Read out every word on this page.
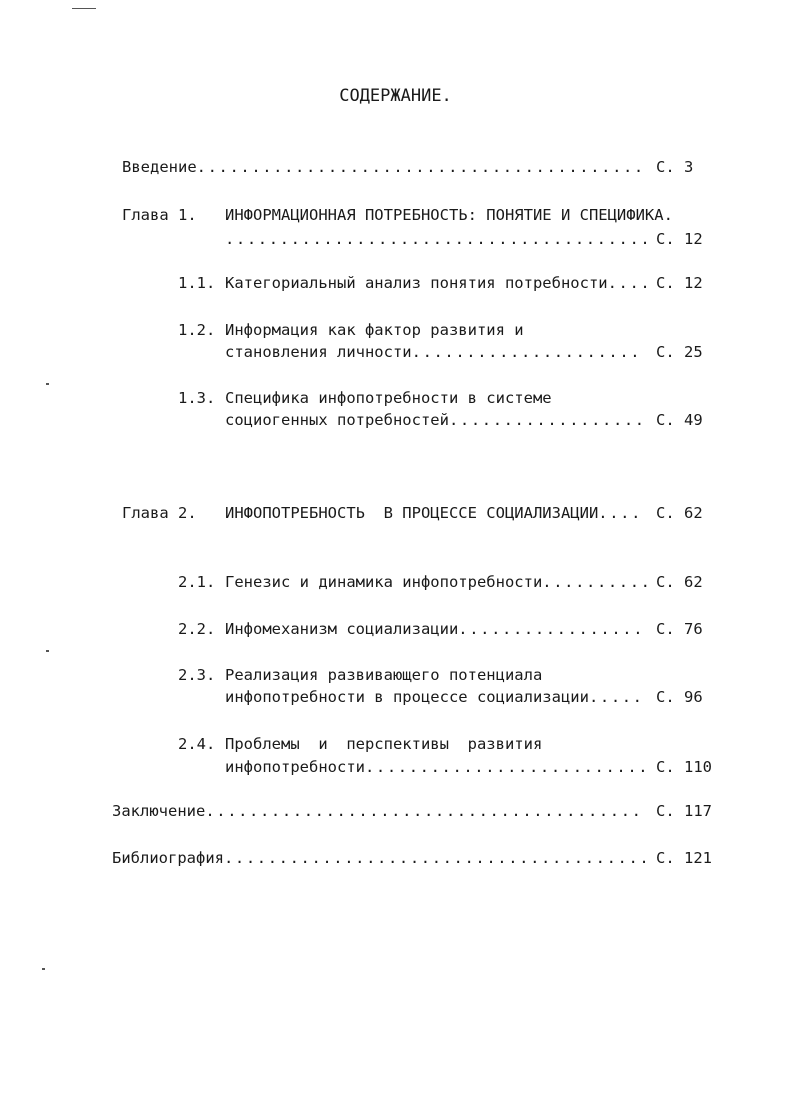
СОДЕРЖАНИЕ.
Введение......................................... С. 3
Глава 1. ИНФОРМАЦИОННАЯ ПОТРЕБНОСТЬ: ПОНЯТИЕ И СПЕЦИФИКА.
....................................... С. 12
1.1. Категориальный анализ понятия потребности.... С. 12
1.2. Информация как фактор развития и
становления личности..................... С. 25
1.3. Специфика инфопотребности в системе
социогенных потребностей.................. С. 49
Глава 2. ИНФОПОТРЕБНОСТЬ  В ПРОЦЕССЕ СОЦИАЛИЗАЦИИ.... С. 62
2.1. Генезис и динамика инфопотребности.......... С. 62
2.2. Инфомеханизм социализации................. С. 76
2.3. Реализация развивающего потенциала
инфопотребности в процессе социализации..... С. 96
2.4. Проблемы  и  перспективы  развития
инфопотребности.......................... С. 110
Заключение........................................ С. 117
Библиография....................................... С. 121
